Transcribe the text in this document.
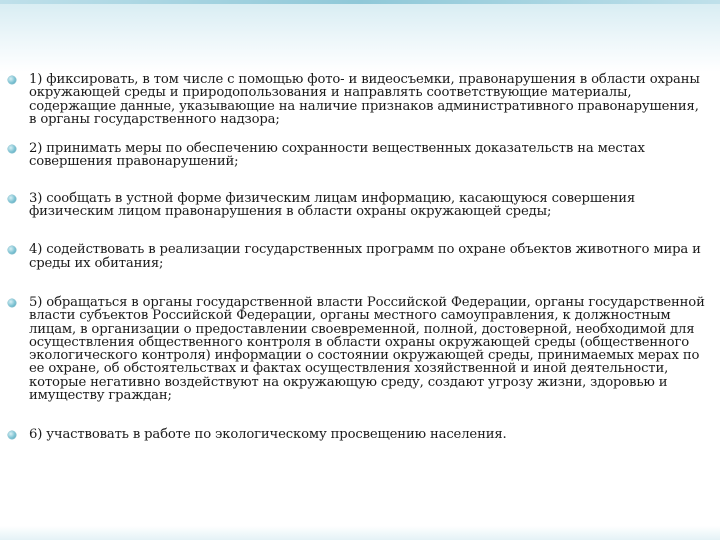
1) фиксировать, в том числе с помощью фото- и видеосъемки, правонарушения в области охраны окружающей среды и природопользования и направлять соответствующие материалы, содержащие данные, указывающие на наличие признаков административного правонарушения, в органы государственного надзора;
2) принимать меры по обеспечению сохранности вещественных доказательств на местах совершения правонарушений;
3) сообщать в устной форме физическим лицам информацию, касающуюся совершения физическим лицом правонарушения в области охраны окружающей среды;
4) содействовать в реализации государственных программ по охране объектов животного мира и среды их обитания;
5) обращаться в органы государственной власти Российской Федерации, органы государственной власти субъектов Российской Федерации, органы местного самоуправления, к должностным лицам, в организации о предоставлении своевременной, полной, достоверной, необходимой для осуществления общественного контроля в области охраны окружающей среды (общественного экологического контроля) информации о состоянии окружающей среды, принимаемых мерах по ее охране, об обстоятельствах и фактах осуществления хозяйственной и иной деятельности, которые негативно воздействуют на окружающую среду, создают угрозу жизни, здоровью и имуществу граждан;
6) участвовать в работе по экологическому просвещению населения.
